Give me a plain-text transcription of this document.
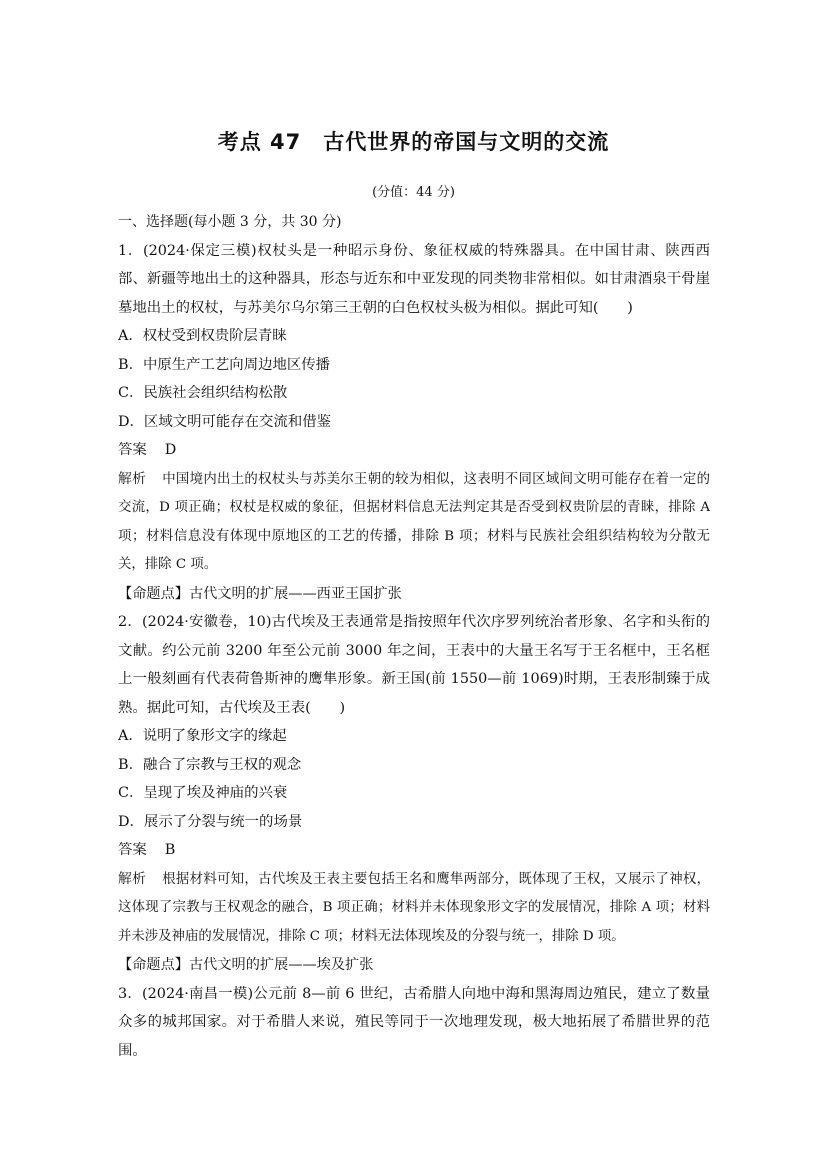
考点 47　古代世界的帝国与文明的交流
(分值：44 分)

一、选择题(每小题 3 分，共 30 分)

1．(2024·保定三模)权杖头是一种昭示身份、象征权威的特殊器具。在中国甘肃、陕西西部、新疆等地出土的这种器具，形态与近东和中亚发现的同类物非常相似。如甘肃酒泉干骨崖墓地出土的权杖，与苏美尔乌尔第三王朝的白色权杖头极为相似。据此可知(　　)

A．权杖受到权贵阶层青睐

B．中原生产工艺向周边地区传播

C．民族社会组织结构松散

D．区域文明可能存在交流和借鉴

答案 D

解析 中国境内出土的权杖头与苏美尔王朝的较为相似，这表明不同区域间文明可能存在着一定的交流，D 项正确；权杖是权威的象征，但据材料信息无法判定其是否受到权贵阶层的青睐，排除 A 项；材料信息没有体现中原地区的工艺的传播，排除 B 项；材料与民族社会组织结构较为分散无关，排除 C 项。

【命题点】古代文明的扩展——西亚王国扩张

2．(2024·安徽卷，10)古代埃及王表通常是指按照年代次序罗列统治者形象、名字和头衔的文献。约公元前 3200 年至公元前 3000 年之间，王表中的大量王名写于王名框中，王名框上一般刻画有代表荷鲁斯神的鹰隼形象。新王国(前 1550—前 1069)时期，王表形制臻于成熟。据此可知，古代埃及王表(　　)

A．说明了象形文字的缘起

B．融合了宗教与王权的观念

C．呈现了埃及神庙的兴衰

D．展示了分裂与统一的场景

答案 B

解析 根据材料可知，古代埃及王表主要包括王名和鹰隼两部分，既体现了王权，又展示了神权，这体现了宗教与王权观念的融合，B 项正确；材料并未体现象形文字的发展情况，排除 A 项；材料并未涉及神庙的发展情况，排除 C 项；材料无法体现埃及的分裂与统一，排除 D 项。

【命题点】古代文明的扩展——埃及扩张

3．(2024·南昌一模)公元前 8—前 6 世纪，古希腊人向地中海和黑海周边殖民，建立了数量众多的城邦国家。对于希腊人来说，殖民等同于一次地理发现，极大地拓展了希腊世界的范围。
